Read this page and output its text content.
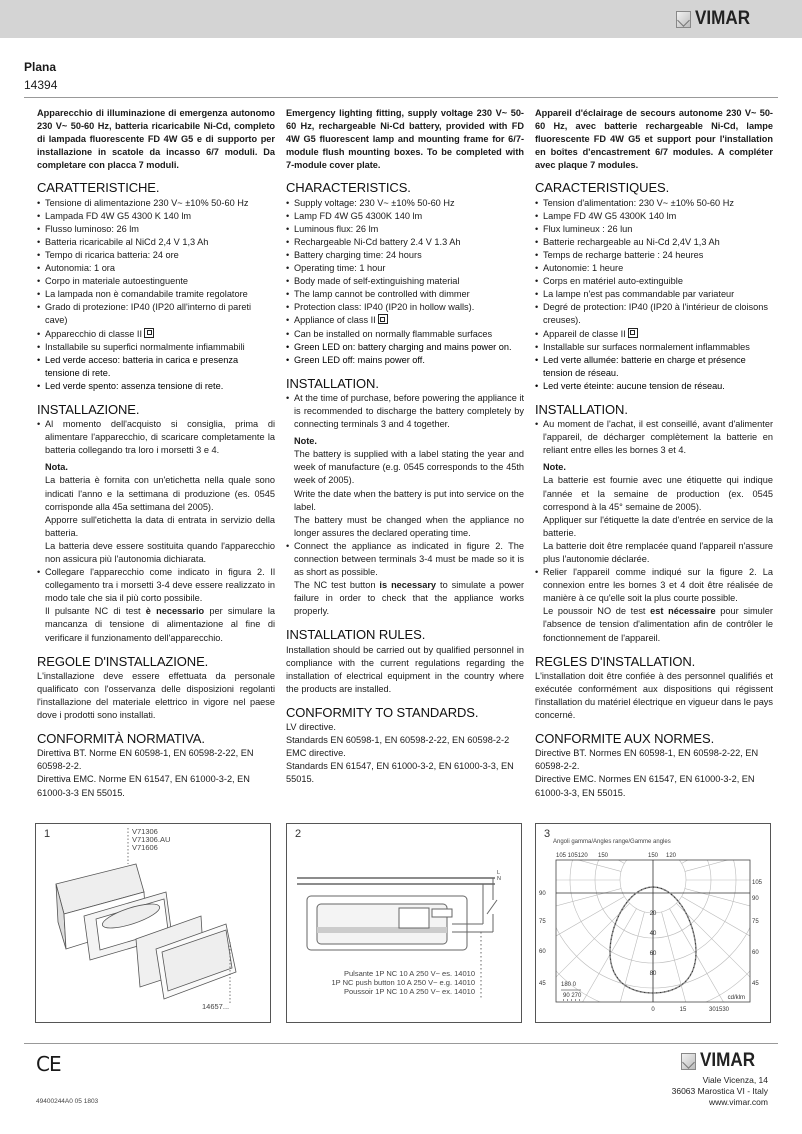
VIMAR
Plana
14394

Apparecchio di illuminazione di emergenza autonomo 230 V~ 50-60 Hz, batteria ricaricabile Ni-Cd, completo di lampada fluorescente FD 4W G5 e di supporto per installazione in scatole da incasso 6/7 moduli. Da completare con placca 7 moduli.

CARATTERISTICHE.
• Tensione di alimentazione 230 V~ ±10% 50-60 Hz
• Lampada FD 4W G5 4300 K 140 lm
• Flusso luminoso: 26 lm
• Batteria ricaricabile al NiCd 2,4 V 1,3 Ah
• Tempo di ricarica batteria: 24 ore
• Autonomia: 1 ora
• Corpo in materiale autoestinguente
• La lampada non è comandabile tramite regolatore
• Grado di protezione: IP40 (IP20 all'interno di pareti cave)
• Apparecchio di classe II
• Installabile su superfici normalmente infiammabili
• Led verde acceso: batteria in carica e presenza tensione di rete.
• Led verde spento: assenza tensione di rete.
INSTALLAZIONE.
• Al momento dell'acquisto si consiglia, prima di alimentare l'apparecchio, di scaricare completamente la batteria collegando tra loro i morsetti 3 e 4.
Nota.

La batteria è fornita con un'etichetta nella quale sono indicati l'anno e la settimana di produzione (es. 0545 corrisponde alla 45a settimana del 2005).

Apporre sull'etichetta la data di entrata in servizio della batteria.

La batteria deve essere sostituita quando l'apparecchio non assicura più l'autonomia dichiarata.

• Collegare l'apparecchio come indicato in figura 2. Il collegamento tra i morsetti 3-4 deve essere realizzato in modo tale che sia il più corto possibile.

Il pulsante NC di test è necessario per simulare la mancanza di tensione di alimentazione al fine di verificare il funzionamento dell'apparecchio.

REGOLE D'INSTALLAZIONE.

L'installazione deve essere effettuata da personale qualificato con l'osservanza delle disposizioni regolanti l'installazione del materiale elettrico in vigore nel paese dove i prodotti sono installati.

CONFORMITÀ NORMATIVA.
Direttiva BT. Norme EN 60598-1, EN 60598-2-22, EN 60598-2-2.
Direttiva EMC. Norme EN 61547, EN 61000-3-2, EN 61000-3-3 EN 55015.

Emergency lighting fitting, supply voltage 230 V~ 50-60 Hz, rechargeable Ni-Cd battery, provided with FD 4W G5 fluorescent lamp and mounting frame for 6/7-module flush mounting boxes. To be completed with 7-module cover plate.

CHARACTERISTICS.
• Supply voltage: 230 V~ ±10% 50-60 Hz
• Lamp FD 4W G5 4300K 140 lm
• Luminous flux: 26 lm
• Rechargeable Ni-Cd battery 2.4 V 1.3 Ah
• Battery charging time: 24 hours
• Operating time: 1 hour
• Body made of self-extinguishing material
• The lamp cannot be controlled with dimmer
• Protection class: IP40 (IP20 in hollow walls).
• Appliance of class II
• Can be installed on normally flammable surfaces
• Green LED on: battery charging and mains power on.
• Green LED off: mains power off.
INSTALLATION.
• At the time of purchase, before powering the appliance it is recommended to discharge the battery completely by connecting terminals 3 and 4 together.
Note.

The battery is supplied with a label stating the year and week of manufacture (e.g. 0545 corresponds to the 45th week of 2005).

Write the date when the battery is put into service on the label.

The battery must be changed when the appliance no longer assures the declared operating time.

• Connect the appliance as indicated in figure 2. The connection between terminals 3-4 must be made so it is as short as possible.

The NC test button is necessary to simulate a power failure in order to check that the appliance works properly.

INSTALLATION RULES.

Installation should be carried out by qualified personnel in compliance with the current regulations regarding the installation of electrical equipment in the country where the products are installed.

CONFORMITY TO STANDARDS.
LV directive.
Standards EN 60598-1, EN 60598-2-22, EN 60598-2-2
EMC directive.
Standards EN 61547, EN 61000-3-2, EN 61000-3-3, EN 55015.

Appareil d'éclairage de secours autonome 230 V~ 50-60 Hz, avec batterie rechargeable Ni-Cd, lampe fluorescente FD 4W G5 et support pour l'installation en boîtes d'encastrement 6/7 modules. A compléter avec plaque 7 modules.

CARACTERISTIQUES.
• Tension d'alimentation: 230 V~ ±10% 50-60 Hz
• Lampe FD 4W G5 4300K 140 lm
• Flux lumineux : 26 lun
• Batterie rechargeable au Ni-Cd 2,4V 1,3 Ah
• Temps de recharge batterie : 24 heures
• Autonomie: 1 heure
• Corps en matériel auto-extinguible
• La lampe n'est pas commandable par variateur
• Degré de protection: IP40 (IP20 à l'intérieur de cloisons creuses).
• Appareil de classe II
• Installable sur surfaces normalement inflammables
• Led verte allumée: batterie en charge et présence tension de réseau.
• Led verte éteinte: aucune tension de réseau.
INSTALLATION.
• Au moment de l'achat, il est conseillé, avant d'alimenter l'appareil, de décharger complètement la batterie en reliant entre elles les bornes 3 et 4.
Note.

La batterie est fournie avec une étiquette qui indique l'année et la semaine de production (ex. 0545 correspond à la 45° semaine de 2005).

Appliquer sur l'étiquette la date d'entrée en service de la batterie.

La batterie doit être remplacée quand l'appareil n'assure plus l'autonomie déclarée.

• Relier l'appareil comme indiqué sur la figure 2. La connexion entre les bornes 3 et 4 doit être réalisée de manière à ce qu'elle soit la plus courte possible.

Le poussoir NO de test est nécessaire pour simuler l'absence de tension d'alimentation afin de contrôler le fonctionnement de l'appareil.

REGLES D'INSTALLATION.

L'installation doit être confiée à des personnel qualifiés et exécutée conformément aux dispositions qui régissent l'installation du matériel électrique en vigueur dans le pays concerné.

CONFORMITE AUX NORMES.
Directive BT. Normes EN 60598-1, EN 60598-2-22, EN 60598-2-2.
Directive EMC. Normes EN 61547, EN 61000-3-2, EN 61000-3-3, EN 55015.
1	V71306
V71306.AU
V71606
14657...
2
L
N
Pulsante 1P NC 10 A 250 V~ es. 14010
1P NC push button 10 A 250 V~ e.g. 14010
Poussoir 1P NC 10 A 250 V~ ex. 14010
3
Angoli gamma/Angles range/Gamme angles
105 105120 150	150 120
90
75
60
45
105
90
75
60
45
20
40
60
80
0	15	301530
cd/klm
180 0
90 270
CE
49400244A0 05 1803
VIMAR
Viale Vicenza, 14
36063 Marostica VI - Italy
www.vimar.com
